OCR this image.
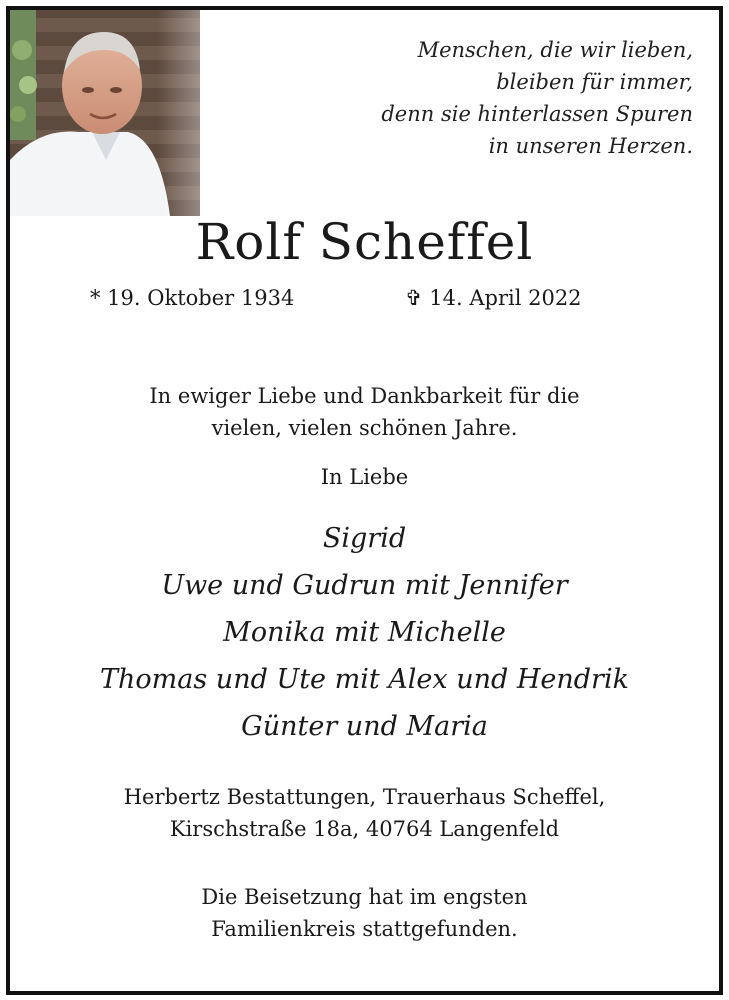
Menschen, die wir lieben,
bleiben für immer,
denn sie hinterlassen Spuren
in unseren Herzen.
Rolf Scheffel
* 19. Oktober 1934	✞ 14. April 2022
In ewiger Liebe und Dankbarkeit für die
vielen, vielen schönen Jahre.
In Liebe
Sigrid
Uwe und Gudrun mit Jennifer
Monika mit Michelle
Thomas und Ute mit Alex und Hendrik
Günter und Maria
Herbertz Bestattungen, Trauerhaus Scheffel,
Kirschstraße 18a, 40764 Langenfeld
Die Beisetzung hat im engsten
Familienkreis stattgefunden.
